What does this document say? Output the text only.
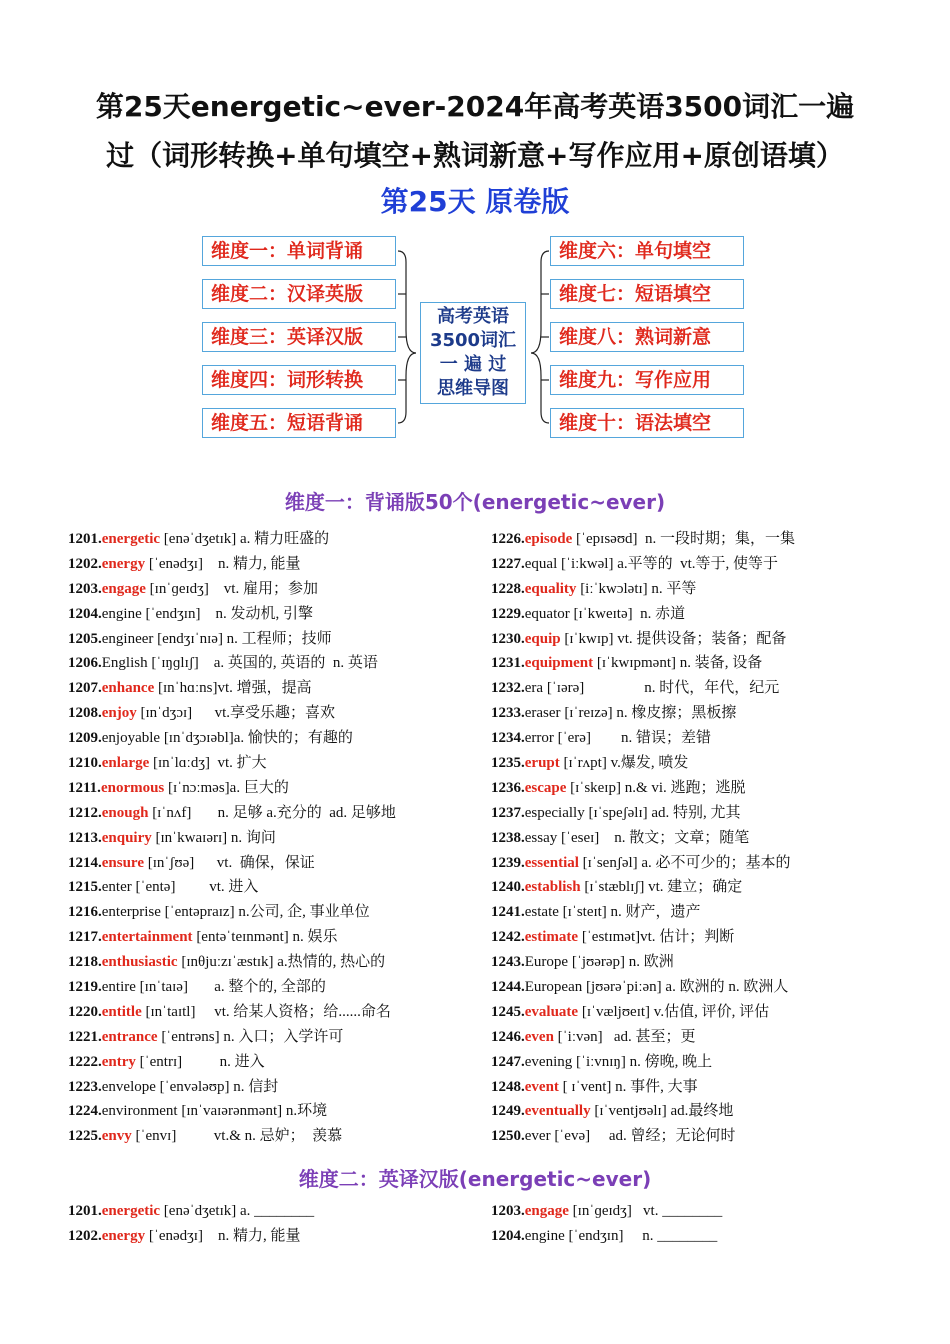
第25天energetic~ever-2024年高考英语3500词汇一遍
过（词形转换+单句填空+熟词新意+写作应用+原创语填）
第25天 原卷版
维度一：单词背诵
维度二：汉译英版
维度三：英译汉版
维度四：词形转换
维度五：短语背诵
高考英语
3500词汇
一 遍 过
思维导图
维度六：单句填空
维度七：短语填空
维度八：熟词新意
维度九：写作应用
维度十：语法填空
维度一：背诵版50个(energetic~ever)
1201.energetic [enəˈdʒetɪk] a. 精力旺盛的
1202.energy [ˈenədʒɪ]    n. 精力, 能量
1203.engage [ɪnˈɡeɪdʒ]    vt. 雇用；参加
1204.engine [ˈendʒɪn]    n. 发动机, 引擎
1205.engineer [endʒɪˈnɪə] n. 工程师；技师
1206.English [ˈɪŋɡlɪʃ]    a. 英国的, 英语的  n. 英语
1207.enhance [ɪnˈhɑːns]vt. 增强，提高
1208.enjoy [ɪnˈdʒɔɪ]      vt.享受乐趣；喜欢
1209.enjoyable [ɪnˈdʒɔɪəbl]a. 愉快的；有趣的
1210.enlarge [ɪnˈlɑːdʒ]  vt. 扩大
1211.enormous [ɪˈnɔːməs]a. 巨大的
1212.enough [ɪˈnʌf]       n. 足够 a.充分的  ad. 足够地
1213.enquiry [ɪnˈkwaɪərɪ] n. 询问
1214.ensure [ɪnˈʃʊə]      vt.  确保，保证
1215.enter [ˈentə]         vt. 进入
1216.enterprise [ˈentəpraɪz] n.公司, 企, 事业单位
1217.entertainment [entəˈteɪnmənt] n. 娱乐
1218.enthusiastic [ɪnθjuːzɪˈæstɪk] a.热情的, 热心的
1219.entire [ɪnˈtaɪə]       a. 整个的, 全部的
1220.entitle [ɪnˈtaɪtl]     vt. 给某人资格；给......命名
1221.entrance [ˈentrəns] n. 入口；入学许可
1222.entry [ˈentrɪ]          n. 进入
1223.envelope [ˈenvələʊp] n. 信封
1224.environment [ɪnˈvaɪərənmənt] n.环境
1225.envy [ˈenvɪ]          vt.& n. 忌妒；  羡慕
1226.episode [ˈepɪsəʊd]  n. 一段时期；集，一集
1227.equal [ˈiːkwəl] a.平等的  vt.等于, 使等于
1228.equality [iːˈkwɔlətɪ] n. 平等
1229.equator [ɪˈkweɪtə]  n. 赤道
1230.equip [ɪˈkwɪp] vt. 提供设备；装备；配备
1231.equipment [ɪˈkwɪpmənt] n. 装备, 设备
1232.era [ˈɪərə]                n. 时代，年代，纪元
1233.eraser [ɪˈreɪzə] n. 橡皮擦；黑板擦
1234.error [ˈerə]        n. 错误；差错
1235.erupt [ɪˈrʌpt] v.爆发, 喷发
1236.escape [ɪˈskeɪp] n.& vi. 逃跑；逃脱
1237.especially [ɪˈspeʃəlɪ] ad. 特别, 尤其
1238.essay [ˈeseɪ]    n. 散文；文章；随笔
1239.essential [ɪˈsenʃəl] a. 必不可少的；基本的
1240.establish [ɪˈstæblɪʃ] vt. 建立；确定
1241.estate [ɪˈsteɪt] n. 财产，遗产
1242.estimate [ˈestɪmət]vt. 估计；判断
1243.Europe [ˈjʊərəp] n. 欧洲
1244.European [jʊərəˈpiːən] a. 欧洲的 n. 欧洲人
1245.evaluate [ɪˈvæljʊeɪt] v.估值, 评价, 评估
1246.even [ˈiːvən]   ad. 甚至；更
1247.evening [ˈiːvnɪŋ] n. 傍晚, 晚上
1248.event [ ɪˈvent] n. 事件, 大事
1249.eventually [ɪˈventjʊəlɪ] ad.最终地
1250.ever [ˈevə]     ad. 曾经；无论何时
维度二：英译汉版(energetic~ever)
1201.energetic [enəˈdʒetɪk] a. ________
1202.energy [ˈenədʒɪ]    n. 精力, 能量
1203.engage [ɪnˈɡeɪdʒ]   vt. ________
1204.engine [ˈendʒɪn]     n. ________
